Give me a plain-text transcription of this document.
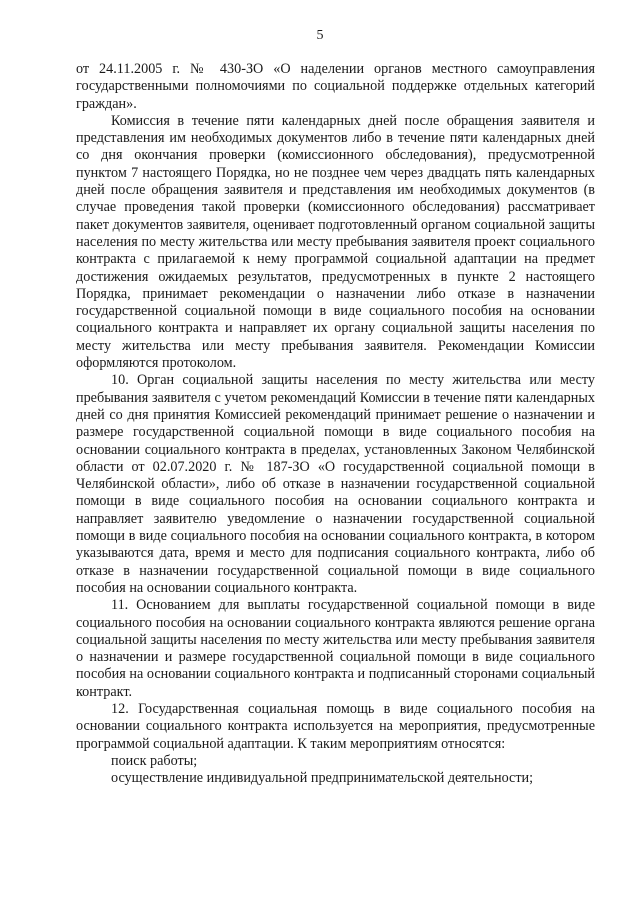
5

от 24.11.2005 г. № 430-ЗО «О наделении органов местного самоуправления государственными полномочиями по социальной поддержке отдельных категорий граждан».

Комиссия в течение пяти календарных дней после обращения заявителя и представления им необходимых документов либо в течение пяти календарных дней со дня окончания проверки (комиссионного обследования), предусмотренной пунктом 7 настоящего Порядка, но не позднее чем через двадцать пять календарных дней после обращения заявителя и представления им необходимых документов (в случае проведения такой проверки (комиссионного обследования) рассматривает пакет документов заявителя, оценивает подготовленный органом социальной защиты населения по месту жительства или месту пребывания заявителя проект социального контракта с прилагаемой к нему программой социальной адаптации на предмет достижения ожидаемых результатов, предусмотренных в пункте 2 настоящего Порядка, принимает рекомендации о назначении либо отказе в назначении государственной социальной помощи в виде социального пособия на основании социального контракта и направляет их органу социальной защиты населения по месту жительства или месту пребывания заявителя. Рекомендации Комиссии оформляются протоколом.

10. Орган социальной защиты населения по месту жительства или месту пребывания заявителя с учетом рекомендаций Комиссии в течение пяти календарных дней со дня принятия Комиссией рекомендаций принимает решение о назначении и размере государственной социальной помощи в виде социального пособия на основании социального контракта в пределах, установленных Законом Челябинской области от 02.07.2020 г. № 187-ЗО «О государственной социальной помощи в Челябинской области», либо об отказе в назначении государственной социальной помощи в виде социального пособия на основании социального контракта и направляет заявителю уведомление о назначении государственной социальной помощи в виде социального пособия на основании социального контракта, в котором указываются дата, время и место для подписания социального контракта, либо об отказе в назначении государственной социальной помощи в виде социального пособия на основании социального контракта.

11. Основанием для выплаты государственной социальной помощи в виде социального пособия на основании социального контракта являются решение органа социальной защиты населения по месту жительства или месту пребывания заявителя о назначении и размере государственной социальной помощи в виде социального пособия на основании социального контракта и подписанный сторонами социальный контракт.

12. Государственная социальная помощь в виде социального пособия на основании социального контракта используется на мероприятия, предусмотренные программой социальной адаптации. К таким мероприятиям относятся:

поиск работы;

осуществление индивидуальной предпринимательской деятельности;
